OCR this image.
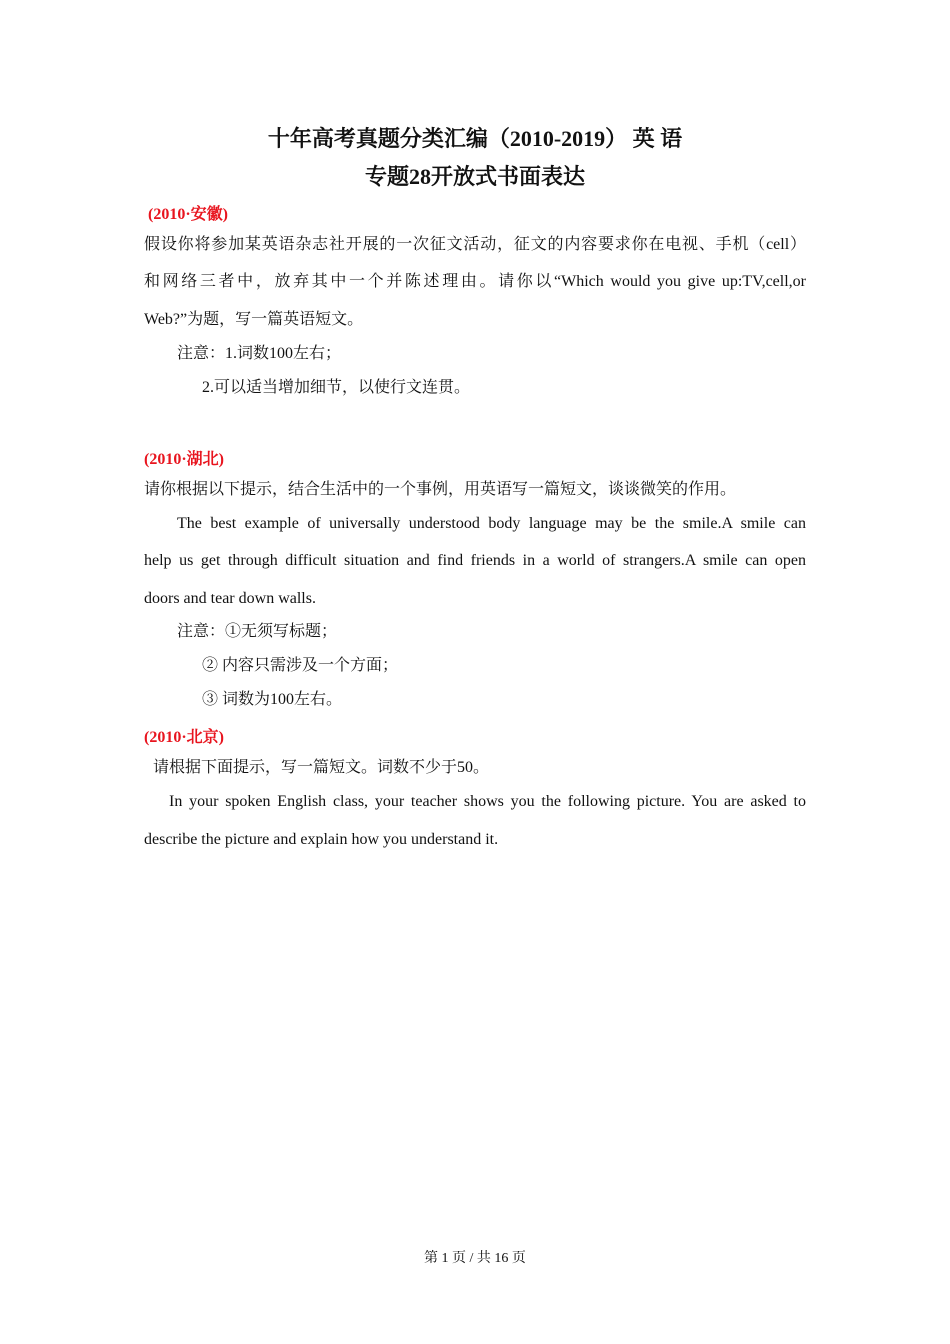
十年高考真题分类汇编（2010-2019） 英 语
专题28开放式书面表达
(2010·安徽)
假设你将参加某英语杂志社开展的一次征文活动，征文的内容要求你在电视、手机（cell）
和网络三者中，放弃其中一个并陈述理由。请你以“Which would you give up:TV,cell,or
Web?”为题，写一篇英语短文。
注意：1.词数100左右；
2.可以适当增加细节，以使行文连贯。
(2010·湖北)
请你根据以下提示，结合生活中的一个事例，用英语写一篇短文，谈谈微笑的作用。
The best example of universally understood body language may be the smile.A smile can
help us get through difficult situation and find friends in a world of strangers.A smile can open
doors and tear down walls.
注意：①无须写标题；
② 内容只需涉及一个方面；
③ 词数为100左右。
(2010·北京)
请根据下面提示，写一篇短文。词数不少于50。
In your spoken English class, your teacher shows you the following picture. You are asked to
describe the picture and explain how you understand it.
第 1 页 / 共 16 页
